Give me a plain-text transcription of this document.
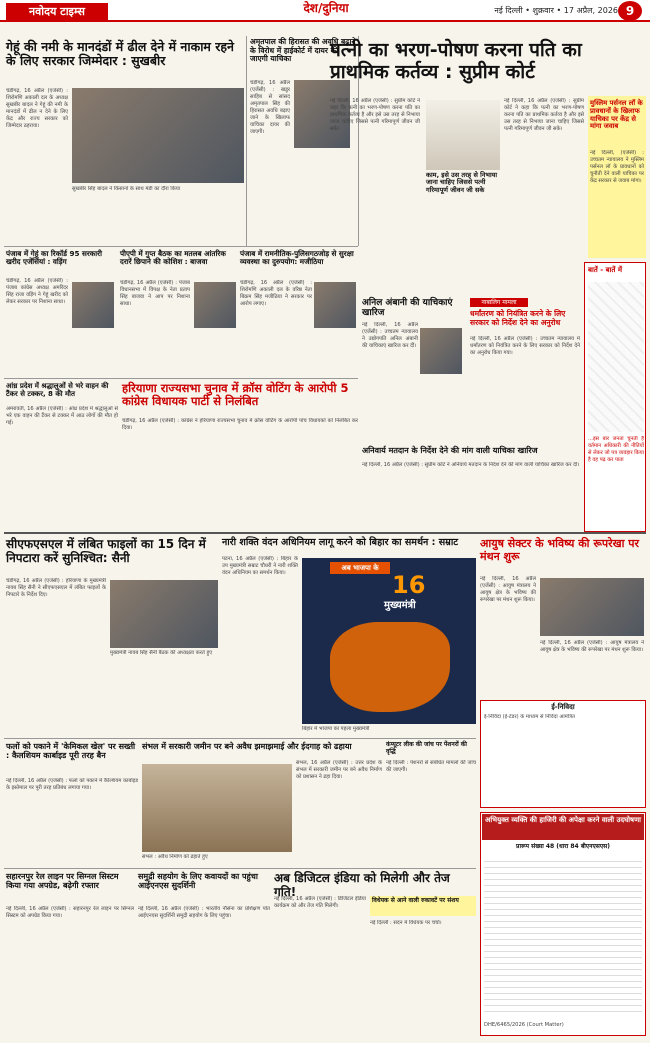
नवोदय टाइम्स	देश/दुनिया	नई दिल्ली • शुक्रवार • 17 अप्रैल, 2026 9
गेहूं की नमी के मानदंडों में ढील देने में नाकाम रहने के लिए सरकार जिम्मेदार : सुखबीर
चंडीगढ़, 16 अप्रैल (एजेंसी) : शिरोमणि अकाली दल के अध्यक्ष सुखबीर बादल ने गेहूं की नमी के मानदंडों में ढील न देने के लिए केंद्र और राज्य सरकार को जिम्मेदार ठहराया।
सुखबीर सिंह बादल ने किसानों के साथ मंडी का दौरा किया
अमृतपाल की हिरासत की अवधि बढ़ाने के विरोध में हाईकोर्ट में दायर की जाएगी याचिका
चंडीगढ़, 16 अप्रैल (एजेंसी) : खडूर साहिब से सांसद अमृतपाल सिंह की हिरासत अवधि बढ़ाए जाने के खिलाफ याचिका दायर की जाएगी।
पत्नी का भरण-पोषण करना पति का प्राथमिक कर्तव्य : सुप्रीम कोर्ट
नई दिल्ली, 16 अप्रैल (एजेंसी) : सुप्रीम कोर्ट ने कहा कि पत्नी का भरण-पोषण करना पति का प्राथमिक कर्तव्य है और इसे उस तरह से निभाया जाना चाहिए जिससे पत्नी गरिमापूर्ण जीवन जी सके।
काम, इसे उस तरह से निभाया जाना चाहिए जिससे पत्नी गरिमापूर्ण जीवन जी सके
नई दिल्ली, 16 अप्रैल (एजेंसी) : सुप्रीम कोर्ट ने कहा कि पत्नी का भरण-पोषण करना पति का प्राथमिक कर्तव्य है और इसे उस तरह से निभाया जाना चाहिए जिससे पत्नी गरिमापूर्ण जीवन जी सके।
मुस्लिम पर्सनल लॉ के प्रावधानों के खिलाफ याचिका पर केंद्र से मांगा जवाब
नई दिल्ली, (एजेंसी) : उच्चतम न्यायालय ने मुस्लिम पर्सनल लॉ के प्रावधानों को चुनौती देने वाली याचिका पर केंद्र सरकार से जवाब मांगा।
पंजाब में गेहूं का रिकॉर्ड 95 सरकारी खरीद एजेंसियां : वड़िंग
चंडीगढ़, 16 अप्रैल (एजेंसी) : पंजाब कांग्रेस अध्यक्ष अमरिंदर सिंह राजा वड़िंग ने गेहूं खरीद को लेकर सरकार पर निशाना साधा।
पीएपी में गुप्त बैठक का मतलब आंतरिक दरारें छिपाने की कोशिश : बाजवा
चंडीगढ़, 16 अप्रैल (एजेंसी) : पंजाब विधानसभा में विपक्ष के नेता प्रताप सिंह बाजवा ने आप पर निशाना साधा।
पंजाब में रामनीतिक-पुलिसगठजोड़ से सुरक्षा व्यवस्था का दुरुपयोग: मजीठिया
चंडीगढ़, 16 अप्रैल (एजेंसी) : शिरोमणि अकाली दल के वरिष्ठ नेता बिक्रम सिंह मजीठिया ने सरकार पर आरोप लगाए।	अनिल अंबानी की याचिकाएं खारिज
नई दिल्ली, 16 अप्रैल (एजेंसी) : उच्चतम न्यायालय ने उद्योगपति अनिल अंबानी की याचिकाएं खारिज कर दीं।
नाबालिग मामला
धर्मांतरण को नियंत्रित करने के लिए सरकार को निर्देश देने का अनुरोध
नई दिल्ली, 16 अप्रैल (एजेंसी) : उच्चतम न्यायालय में धर्मांतरण को नियंत्रित करने के लिए सरकार को निर्देश देने का अनुरोध किया गया।
बातें - बातें में
...इस बार जनता चुनती है वर्तमान अधिकारी की नीतियों से लेकर जो पत्र व्यवहार किया है वह पढ़ कर पाता
आंध्र प्रदेश में श्रद्धालुओं से भरे वाहन की टैंकर से टक्कर, 8 की मौत
अमरावती, 16 अप्रैल (एजेंसी) : आंध्र प्रदेश में श्रद्धालुओं से भरे एक वाहन की टैंकर से टक्कर में आठ लोगों की मौत हो गई।
हरियाणा राज्यसभा चुनाव में क्रॉस वोटिंग के आरोपी 5 कांग्रेस विधायक पार्टी से निलंबित
चंडीगढ़, 16 अप्रैल (एजेंसी) : कांग्रेस ने हरियाणा राज्यसभा चुनाव में क्रॉस वोटिंग के आरोपी पांच विधायकों को निलंबित कर दिया।
अनिवार्य मतदान के निर्देश देने की मांग वाली याचिका खारिज
नई दिल्ली, 16 अप्रैल (एजेंसी) : सुप्रीम कोर्ट ने अनिवार्य मतदान के निर्देश देने की मांग वाली याचिका खारिज कर दी।
सीएफएसएल में लंबित फाइलों का 15 दिन में निपटारा करें सुनिश्चित: सैनी
चंडीगढ़, 16 अप्रैल (एजेंसी) : हरियाणा के मुख्यमंत्री नायब सिंह सैनी ने सीएफएसएल में लंबित फाइलों के निपटारे के निर्देश दिए।
मुख्यमंत्री नायब सिंह सैनी बैठक की अध्यक्षता करते हुए
नारी शक्ति वंदन अधिनियम लागू करने को बिहार का समर्थन : सम्राट
पटना, 16 अप्रैल (एजेंसी) : बिहार के उप मुख्यमंत्री सम्राट चौधरी ने नारी शक्ति वंदन अधिनियम का समर्थन किया।
अब भाजपा के
16
मुख्यमंत्री
बिहार में भाजपा का पहला मुख्यमंत्री
आयुष सेक्टर के भविष्य की रूपरेखा पर मंथन शुरू
नई दिल्ली, 16 अप्रैल (एजेंसी) : आयुष मंत्रालय ने आयुष क्षेत्र के भविष्य की रूपरेखा पर मंथन शुरू किया।
नई दिल्ली, 16 अप्रैल (एजेंसी) : आयुष मंत्रालय ने आयुष क्षेत्र के भविष्य की रूपरेखा पर मंथन शुरू किया।
ई-निविदा
ई-निविदा (ई-टेंडर) के माध्यम से निविदा आमंत्रित
फलों को पकाने में 'केमिकल खेल' पर सख्ती : कैलशियम कार्बाइड पूरी तरह बैन
नई दिल्ली, 16 अप्रैल (एजेंसी) : फलों को पकाने में कैल्शियम कार्बाइड के इस्तेमाल पर पूरी तरह प्रतिबंध लगाया गया।
संभल में सरकारी जमीन पर बने अवैध झमाझमाई और ईदगाह को ढहाया
संभल : अवैध निर्माण को ढहाते हुए
संभल, 16 अप्रैल (एजेंसी) : उत्तर प्रदेश के संभल में सरकारी जमीन पर बने अवैध निर्माण को प्रशासन ने ढहा दिया।
कंप्यूटर लीक की जांच पर पेंशनरों की वृद्धि
नई दिल्ली : पेंशनरों से संबंधित मामलों की जांच की जाएगी।
सहारनपुर रेल लाइन पर सिग्नल सिस्टम किया गया अपग्रेड, बढ़ेगी रफ्तार
नई दिल्ली, 16 अप्रैल (एजेंसी) : सहारनपुर रेल लाइन पर सिग्नल सिस्टम को अपग्रेड किया गया।
समुद्री सहयोग के लिए कवायदों का पहुंचा आईएनएस सुदर्शिनी
नई दिल्ली, 16 अप्रैल (एजेंसी) : भारतीय नौसेना का प्रशिक्षण पोत आईएनएस सुदर्शिनी समुद्री सहयोग के लिए पहुंचा।
अब डिजिटल इंडिया को मिलेगी और तेज गति!
नई दिल्ली, 16 अप्रैल (एजेंसी) : डिजिटल इंडिया कार्यक्रम को और तेज गति मिलेगी।
विधेयक से आने वाली रुकावटें पर संशय
नई दिल्ली : सदन में विधेयक पर चर्चा।
अभियुक्त व्यक्ति की हाजिरी की अपेक्षा करने वाली उदघोषणा
प्रारूप संख्या 48 (धारा 84 बीएनएसएस)
DHE/6465/2026 (Court Matter)
